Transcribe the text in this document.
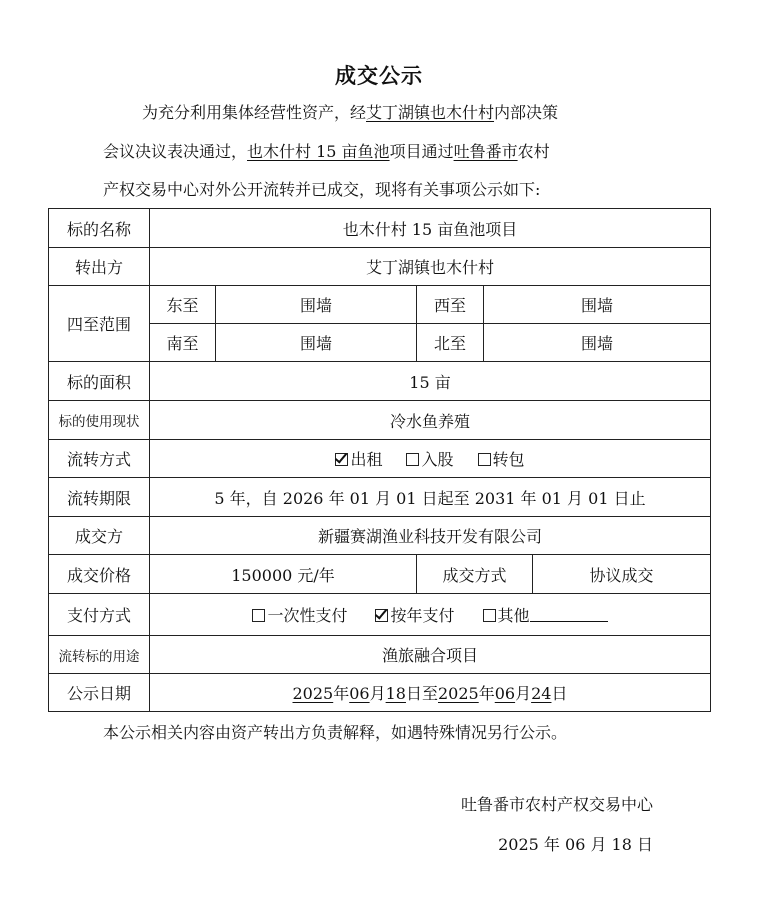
成交公示
为充分利用集体经营性资产，经艾丁湖镇也木什村内部决策
会议决议表决通过，也木什村 15 亩鱼池项目通过吐鲁番市农村
产权交易中心对外公开流转并已成交，现将有关事项公示如下:
标的名称	也木什村 15 亩鱼池项目				
转出方	艾丁湖镇也木什村				
四至范围	东至	围墙	西至	围墙	
	南至	围墙	北至	围墙	
标的面积	15 亩				
标的使用现状	冷水鱼养殖				
流转方式	出租 入股 转包				
流转期限	5 年，自 2026 年 01 月 01 日起至 2031 年 01 月 01 日止				
成交方	新疆赛湖渔业科技开发有限公司				
成交价格	150000 元/年		成交方式		协议成交
支付方式	一次性支付 按年支付 其他				
流转标的用途	渔旅融合项目				
公示日期	2025年06月18日至2025年06月24日				
本公示相关内容由资产转出方负责解释，如遇特殊情况另行公示。
吐鲁番市农村产权交易中心
2025 年 06 月 18 日
